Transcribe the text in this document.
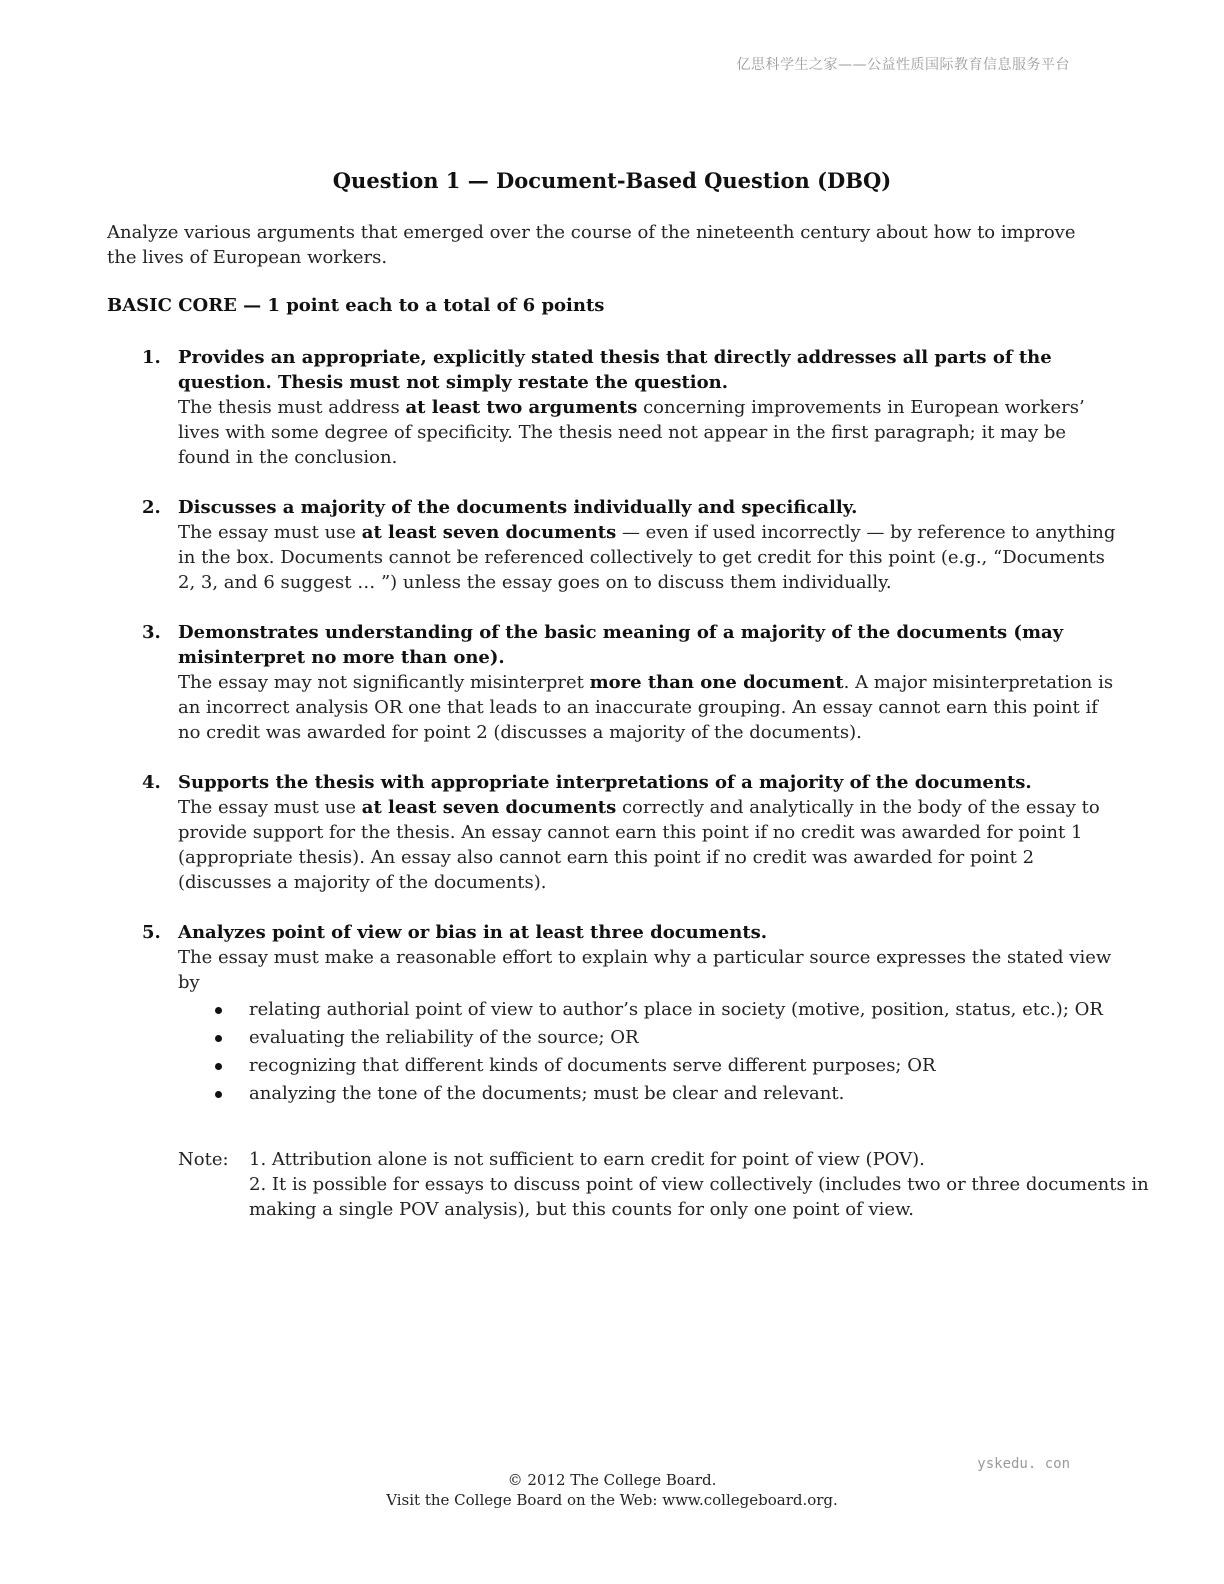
亿思科学生之家——公益性质国际教育信息服务平台
Question 1 — Document-Based Question (DBQ)
Analyze various arguments that emerged over the course of the nineteenth century about how to improve the lives of European workers.
BASIC CORE — 1 point each to a total of 6 points
1. Provides an appropriate, explicitly stated thesis that directly addresses all parts of the question. Thesis must not simply restate the question.
The thesis must address at least two arguments concerning improvements in European workers’ lives with some degree of specificity. The thesis need not appear in the first paragraph; it may be found in the conclusion.
2. Discusses a majority of the documents individually and specifically.
The essay must use at least seven documents — even if used incorrectly — by reference to anything in the box. Documents cannot be referenced collectively to get credit for this point (e.g., “Documents 2, 3, and 6 suggest … ”) unless the essay goes on to discuss them individually.
3. Demonstrates understanding of the basic meaning of a majority of the documents (may misinterpret no more than one).
The essay may not significantly misinterpret more than one document. A major misinterpretation is an incorrect analysis OR one that leads to an inaccurate grouping. An essay cannot earn this point if no credit was awarded for point 2 (discusses a majority of the documents).
4. Supports the thesis with appropriate interpretations of a majority of the documents.
The essay must use at least seven documents correctly and analytically in the body of the essay to provide support for the thesis. An essay cannot earn this point if no credit was awarded for point 1 (appropriate thesis). An essay also cannot earn this point if no credit was awarded for point 2 (discusses a majority of the documents).
5. Analyzes point of view or bias in at least three documents.
The essay must make a reasonable effort to explain why a particular source expresses the stated view by
relating authorial point of view to author’s place in society (motive, position, status, etc.); OR
evaluating the reliability of the source; OR
recognizing that different kinds of documents serve different purposes; OR
analyzing the tone of the documents; must be clear and relevant.
Note: 1. Attribution alone is not sufficient to earn credit for point of view (POV).
2. It is possible for essays to discuss point of view collectively (includes two or three documents in making a single POV analysis), but this counts for only one point of view.
yskedu. con
© 2012 The College Board.
Visit the College Board on the Web: www.collegeboard.org.
